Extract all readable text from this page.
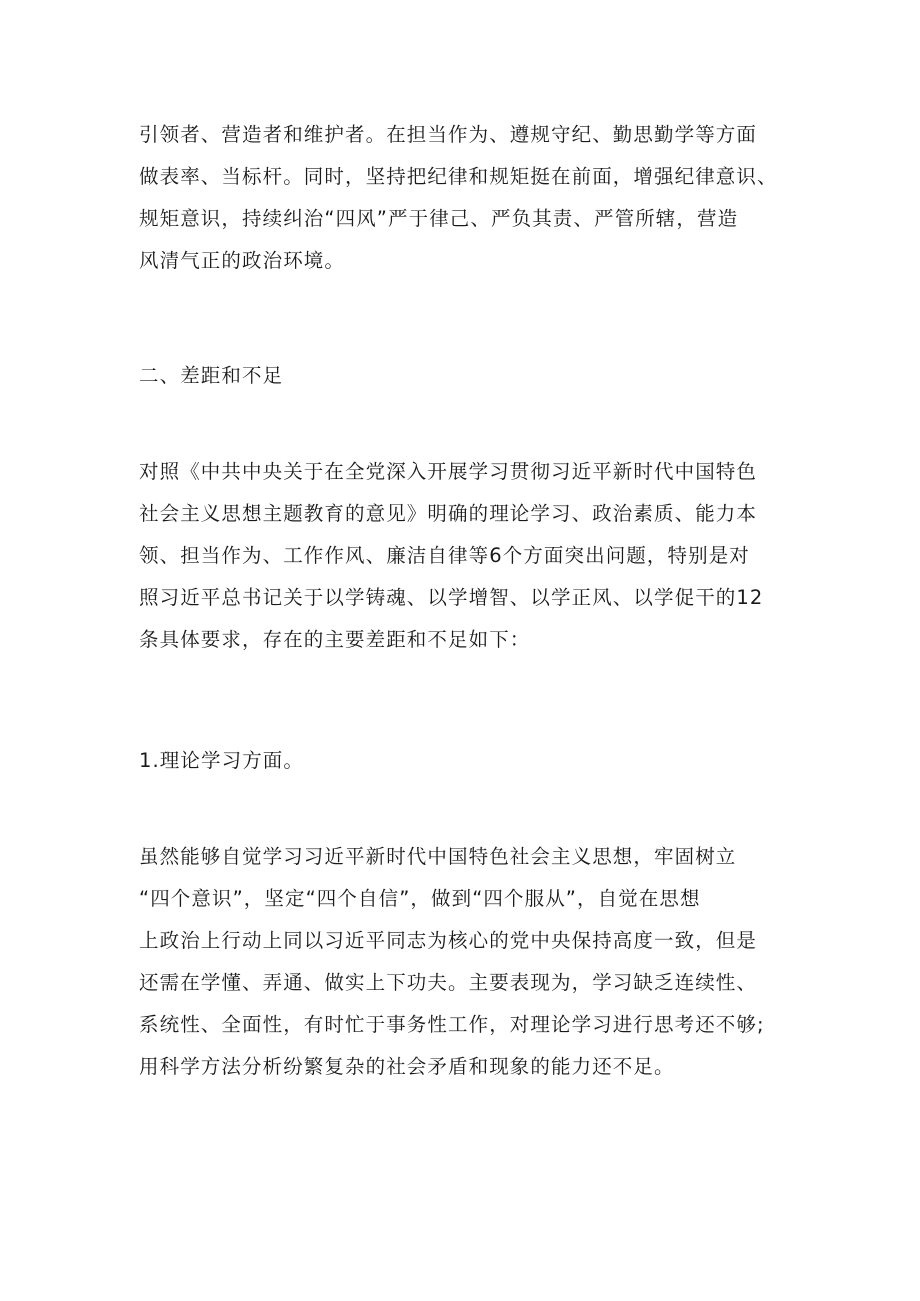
引领者、营造者和维护者。在担当作为、遵规守纪、勤思勤学等方面
做表率、当标杆。同时，坚持把纪律和规矩挺在前面，增强纪律意识、
规矩意识，持续纠治“四风”严于律己、严负其责、严管所辖，营造
风清气正的政治环境。
二、差距和不足
对照《中共中央关于在全党深入开展学习贯彻习近平新时代中国特色
社会主义思想主题教育的意见》明确的理论学习、政治素质、能力本
领、担当作为、工作作风、廉洁自律等6个方面突出问题，特别是对
照习近平总书记关于以学铸魂、以学增智、以学正风、以学促干的12
条具体要求，存在的主要差距和不足如下：
1.理论学习方面。
虽然能够自觉学习习近平新时代中国特色社会主义思想，牢固树立
“四个意识”，坚定“四个自信”，做到“四个服从”，自觉在思想
上政治上行动上同以习近平同志为核心的党中央保持高度一致，但是
还需在学懂、弄通、做实上下功夫。主要表现为，学习缺乏连续性、
系统性、全面性，有时忙于事务性工作，对理论学习进行思考还不够;
用科学方法分析纷繁复杂的社会矛盾和现象的能力还不足。
